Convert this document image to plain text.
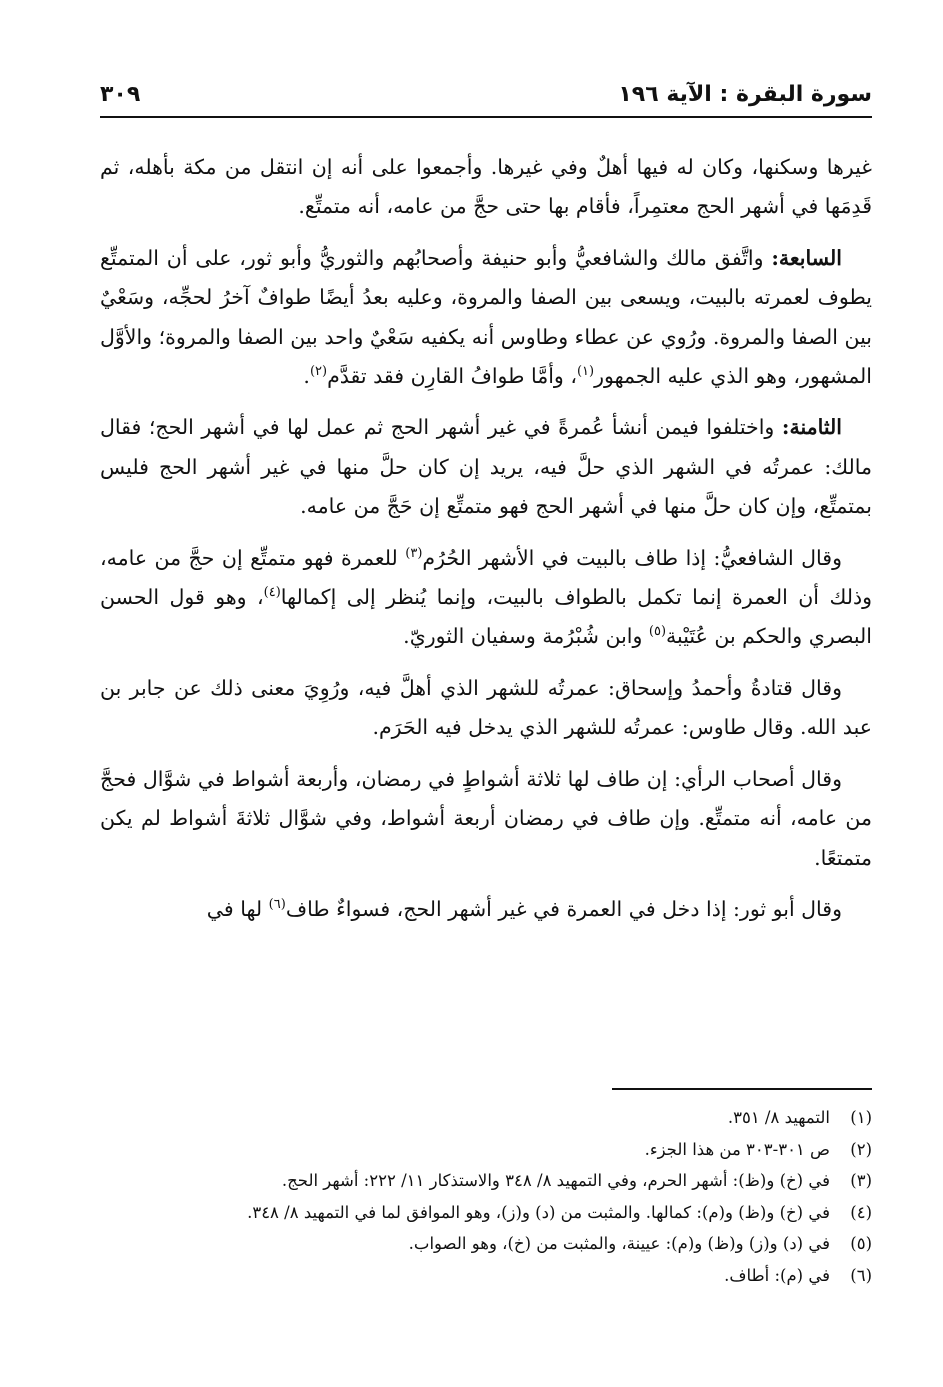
سورة البقرة : الآية ١٩٦
٣٠٩

غيرها وسكنها، وكان له فيها أهلٌ وفي غيرها. وأجمعوا على أنه إن انتقل من مكة بأهله، ثم قَدِمَها في أشهر الحج معتمِراً، فأقام بها حتى حجَّ من عامه، أنه متمتِّع.

السابعة: واتَّفق مالك والشافعيُّ وأبو حنيفة وأصحابُهم والثوريُّ وأبو ثور، على أن المتمتِّع يطوف لعمرته بالبيت، ويسعى بين الصفا والمروة، وعليه بعدُ أيضًا طوافٌ آخرُ لحجِّه، وسَعْيٌ بين الصفا والمروة. ورُوي عن عطاء وطاوس أنه يكفيه سَعْيٌ واحد بين الصفا والمروة؛ والأوَّل المشهور، وهو الذي عليه الجمهور$^{(١)}$، وأمَّا طوافُ القارِن فقد تقدَّم$^{(٢)}$.

الثامنة: واختلفوا فيمن أنشأ عُمرةً في غير أشهر الحج ثم عمل لها في أشهر الحج؛ فقال مالك: عمرتُه في الشهر الذي حلَّ فيه، يريد إن كان حلَّ منها في غير أشهر الحج فليس بمتمتِّع، وإن كان حلَّ منها في أشهر الحج فهو متمتِّع إن حَجَّ من عامه.

وقال الشافعيُّ: إذا طاف بالبيت في الأشهر الحُرُم$^{(٣)}$ للعمرة فهو متمتِّع إن حجَّ من عامه، وذلك أن العمرة إنما تكمل بالطواف بالبيت، وإنما يُنظر إلى إكمالها$^{(٤)}$، وهو قول الحسن البصري والحكم بن عُتَيْبة$^{(٥)}$ وابن شُبْرُمة وسفيان الثوريّ.

وقال قتادةُ وأحمدُ وإسحاق: عمرتُه للشهر الذي أهلَّ فيه، ورُوِيَ معنى ذلك عن جابر بن عبد الله. وقال طاوس: عمرتُه للشهر الذي يدخل فيه الحَرَم.

وقال أصحاب الرأي: إن طاف لها ثلاثة أشواطٍ في رمضان، وأربعة أشواط في شوَّال فحجَّ من عامه، أنه متمتِّع. وإن طاف في رمضان أربعة أشواط، وفي شوَّال ثلاثةَ أشواط لم يكن متمتعًا.

وقال أبو ثور: إذا دخل في العمرة في غير أشهر الحج، فسواءٌ طاف$^{(٦)}$ لها في

(١)
التمهيد ٨/ ٣٥١.
(٢)
ص ٣٠١-٣٠٣ من هذا الجزء.
(٣)
في (خ) و(ظ): أشهر الحرم، وفي التمهيد ٨/ ٣٤٨ والاستذكار ١١/ ٢٢٢: أشهر الحج.
(٤)
في (خ) و(ظ) و(م): كمالها. والمثبت من (د) و(ز)، وهو الموافق لما في التمهيد ٨/ ٣٤٨.
(٥)
في (د) و(ز) و(ظ) و(م): عيينة، والمثبت من (خ)، وهو الصواب.
(٦)
في (م): أطاف.
